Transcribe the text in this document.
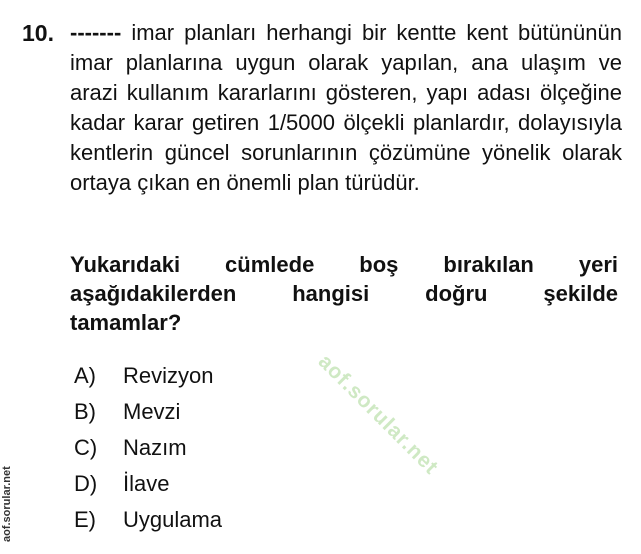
10. ------- imar planları herhangi bir kentte kent bütününün imar planlarına uygun olarak yapılan, ana ulaşım ve arazi kullanım kararlarını gösteren, yapı adası ölçeğine kadar karar getiren 1/5000 ölçekli planlardır, dolayısıyla kentlerin güncel sorunlarının çözümüne yönelik olarak ortaya çıkan en önemli plan türüdür.
Yukarıdaki cümlede boş bırakılan yeri
aşağıdakilerden hangisi doğru şekilde
tamamlar?
A)	Revizyon
B)	Mevzi
C)	Nazım
D)	İlave
E)	Uygulama
aof.sorular.net
aof.sorular.net
